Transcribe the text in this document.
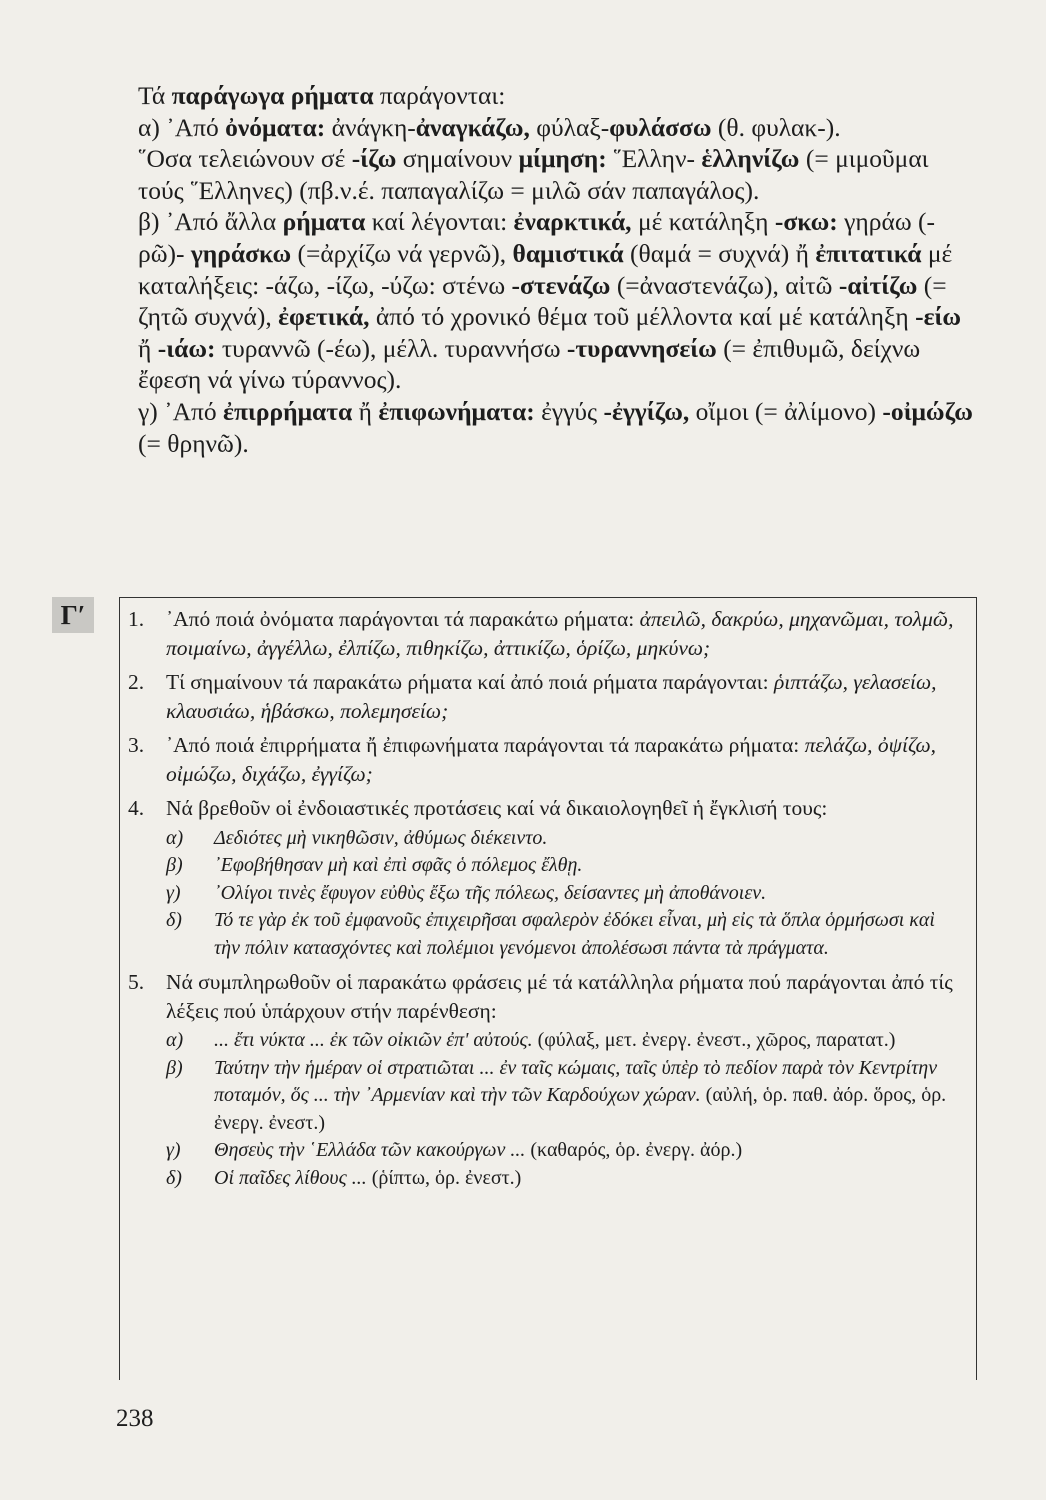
Τά παράγωγα ρήματα παράγονται:

α) ᾿Από ὀνόματα: ἀνάγκη-ἀναγκάζω, φύλαξ-φυλάσσω (θ. φυλακ-).

῞Οσα τελειώνουν σέ -ίζω σημαίνουν μίμηση: ῞Ελλην- ἑλληνίζω (= μιμοῦμαι τούς ῞Ελληνες) (πβ.ν.έ. παπαγαλίζω = μιλῶ σάν παπαγάλος).

β) ᾿Από ἄλλα ρήματα καί λέγονται: ἐναρκτικά, μέ κατάληξη -σκω: γηράω (-ρῶ)- γηράσκω (=ἀρχίζω νά γερνῶ), θαμιστικά (θαμά = συχνά) ἤ ἐπιτατικά μέ καταλήξεις: -άζω, -ίζω, -ύζω: στένω -στενάζω (=ἀναστενάζω), αἰτῶ -αἰτίζω (= ζητῶ συχνά), ἐφετικά, ἀπό τό χρονικό θέμα τοῦ μέλλοντα καί μέ κατάληξη -είω ἤ -ιάω: τυραννῶ (-έω), μέλλ. τυραννήσω -τυραννησείω (= ἐπιθυμῶ, δείχνω ἔφεση νά γίνω τύραννος).

γ) ᾿Από ἐπιρρήματα ἤ ἐπιφωνήματα: ἐγγύς -ἐγγίζω, οἴμοι (= ἀλίμονο) -οἰμώζω (= θρηνῶ).

Γ′	1. ᾿Από ποιά ὀνόματα παράγονται τά παρακάτω ρήματα: ἀπειλῶ, δακρύω, μηχανῶμαι, τολμῶ, ποιμαίνω, ἀγγέλλω, ἐλπίζω, πιθηκίζω, ἀττικίζω, ὁρίζω, μηκύνω;
2. Τί σημαίνουν τά παρακάτω ρήματα καί ἀπό ποιά ρήματα παράγονται: ῥιπτάζω, γελασείω, κλαυσιάω, ἡβάσκω, πολεμησείω;
3. ᾿Από ποιά ἐπιρρήματα ἤ ἐπιφωνήματα παράγονται τά παρακάτω ρήματα: πελάζω, ὀψίζω, οἰμώζω, διχάζω, ἐγγίζω;
4. Νά βρεθοῦν οἱ ἐνδοιαστικές προτάσεις καί νά δικαιολογηθεῖ ἡ ἔγκλισή τους:
α) Δεδιότες μὴ νικηθῶσιν, ἀθύμως διέκειντο.
β) ᾿Εφοβήθησαν μὴ καὶ ἐπὶ σφᾶς ὁ πόλεμος ἔλθῃ.
γ) ᾿Ολίγοι τινὲς ἔφυγον εὐθὺς ἔξω τῆς πόλεως, δείσαντες μὴ ἀποθάνοιεν.
δ) Τό τε γὰρ ἐκ τοῦ ἐμφανοῦς ἐπιχειρῆσαι σφαλερὸν ἐδόκει εἶναι, μὴ εἰς τὰ ὅπλα ὁρμήσωσι καὶ τὴν πόλιν κατασχόντες καὶ πολέμιοι γενόμενοι ἀπολέσωσι πάντα τὰ πράγματα.
5. Νά συμπληρωθοῦν οἱ παρακάτω φράσεις μέ τά κατάλληλα ρήματα πού παράγονται ἀπό τίς λέξεις πού ὑπάρχουν στήν παρένθεση:
α) ... ἔτι νύκτα ... ἐκ τῶν οἰκιῶν ἐπ' αὐτούς. (φύλαξ, μετ. ἐνεργ. ἐνεστ., χῶρος, παρατατ.)
β) Ταύτην τὴν ἡμέραν οἱ στρατιῶται ... ἐν ταῖς κώμαις, ταῖς ὑπὲρ τὸ πεδίον παρὰ τὸν Κεντρίτην ποταμόν, ὅς ... τὴν ᾿Αρμενίαν καὶ τὴν τῶν Καρδούχων χώραν. (αὐλή, ὁρ. παθ. ἀόρ. ὅρος, ὁρ. ἐνεργ. ἐνεστ.)
γ) Θησεὺς τὴν ῾Ελλάδα τῶν κακούργων ... (καθαρός, ὁρ. ἐνεργ. ἀόρ.)
δ) Οἱ παῖδες λίθους ... (ῥίπτω, ὁρ. ἐνεστ.)
238
